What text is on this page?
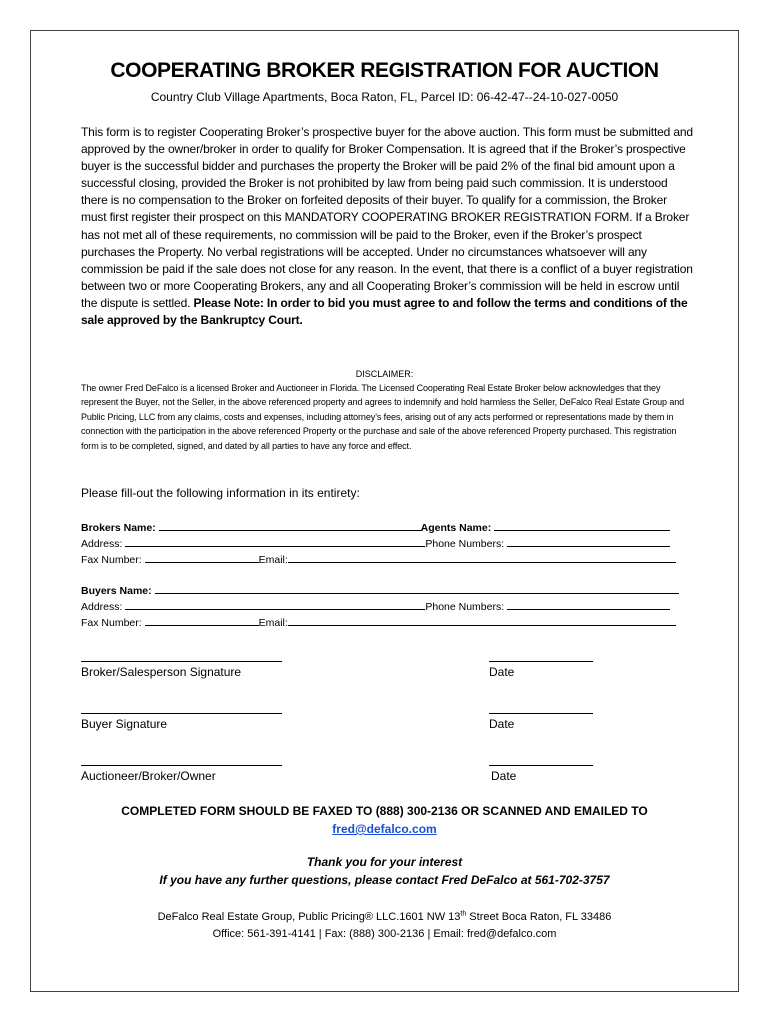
COOPERATING BROKER REGISTRATION FOR AUCTION
Country Club Village Apartments, Boca Raton, FL, Parcel ID: 06-42-47--24-10-027-0050
This form is to register Cooperating Broker’s prospective buyer for the above auction. This form must be submitted and approved by the owner/broker in order to qualify for Broker Compensation. It is agreed that if the Broker’s prospective buyer is the successful bidder and purchases the property the Broker will be paid 2% of the final bid amount upon a successful closing, provided the Broker is not prohibited by law from being paid such commission. It is understood there is no compensation to the Broker on forfeited deposits of their buyer. To qualify for a commission, the Broker must first register their prospect on this MANDATORY COOPERATING BROKER REGISTRATION FORM. If a Broker has not met all of these requirements, no commission will be paid to the Broker, even if the Broker’s prospect purchases the Property. No verbal registrations will be accepted. Under no circumstances whatsoever will any commission be paid if the sale does not close for any reason. In the event, that there is a conflict of a buyer registration between two or more Cooperating Brokers, any and all Cooperating Broker’s commission will be held in escrow until the dispute is settled. Please Note: In order to bid you must agree to and follow the terms and conditions of the sale approved by the Bankruptcy Court.
DISCLAIMER:
The owner Fred DeFalco is a licensed Broker and Auctioneer in Florida. The Licensed Cooperating Real Estate Broker below acknowledges that they represent the Buyer, not the Seller, in the above referenced property and agrees to indemnify and hold harmless the Seller, DeFalco Real Estate Group and Public Pricing, LLC from any claims, costs and expenses, including attorney’s fees, arising out of any acts performed or representations made by them in connection with the participation in the above referenced Property or the purchase and sale of the above referenced Property purchased. This registration form is to be completed, signed, and dated by all parties to have any force and effect.
Please fill-out the following information in its entirety:
Brokers Name:	Agents Name:
Address:	Phone Numbers:
Fax Number:	Email:
Buyers Name:
Address:	Phone Numbers:
Fax Number:	Email:
Broker/Salesperson Signature	Date
Buyer Signature	Date
Auctioneer/Broker/Owner	Date
COMPLETED FORM SHOULD BE FAXED TO (888) 300-2136 OR SCANNED AND EMAILED TO
fred@defalco.com
Thank you for your interest
If you have any further questions, please contact Fred DeFalco at 561-702-3757
DeFalco Real Estate Group, Public Pricing® LLC.1601 NW 13th Street Boca Raton, FL 33486
Office: 561-391-4141 | Fax: (888) 300-2136 | Email: fred@defalco.com
